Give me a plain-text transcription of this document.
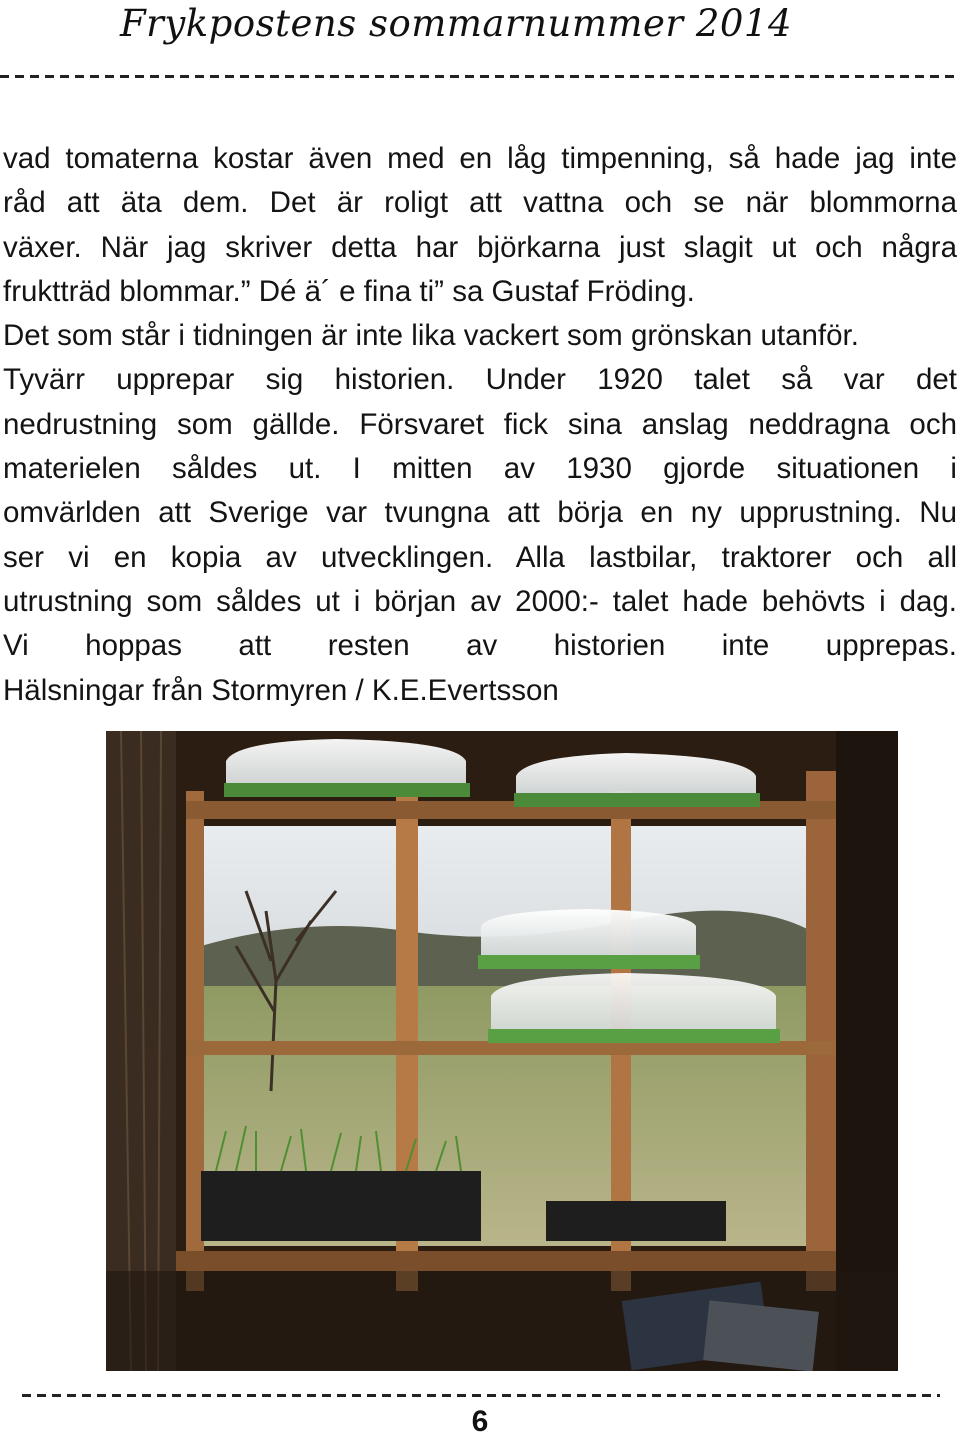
Frykpostens sommarnummer 2014
vad tomaterna kostar även med en låg timpenning, så hade jag inte
råd att äta dem. Det är roligt att vattna och se när blommorna
växer. När jag skriver detta har björkarna just slagit ut och några
fruktträd blommar.” Dé ä´ e fina ti” sa Gustaf Fröding.
Det som står i tidningen är inte lika vackert som grönskan utanför.
Tyvärr upprepar sig historien. Under 1920 talet så var det
nedrustning som gällde. Försvaret fick sina anslag neddragna och
materielen såldes ut. I mitten av 1930 gjorde situationen i
omvärlden att Sverige var tvungna att börja en ny upprustning. Nu
ser vi en kopia av utvecklingen. Alla lastbilar, traktorer och all
utrustning som såldes ut i början av 2000:- talet hade behövts i dag.
Vi hoppas att resten av historien inte upprepas.
Hälsningar från Stormyren / K.E.Evertsson
6
